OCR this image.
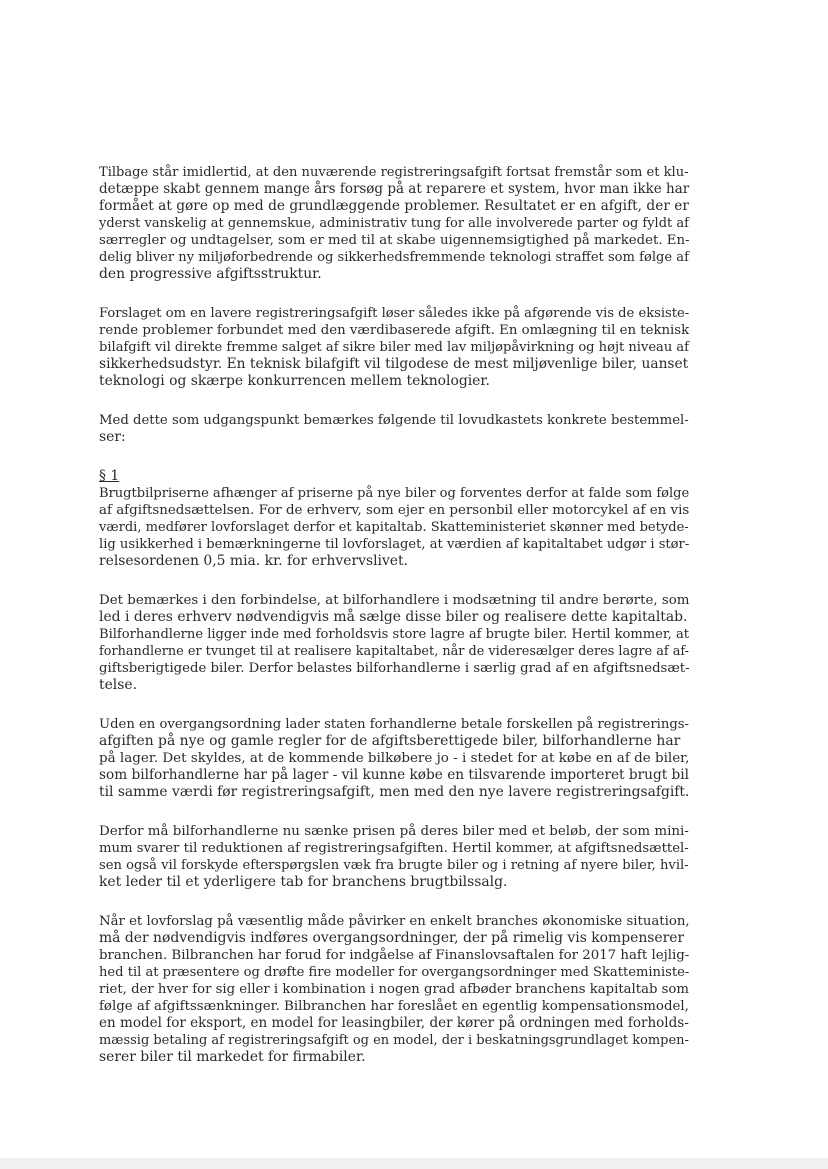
Tilbage står imidlertid, at den nuværende registreringsafgift fortsat fremstår som et klu-
detæppe skabt gennem mange års forsøg på at reparere et system, hvor man ikke har
formået at gøre op med de grundlæggende problemer. Resultatet er en afgift, der er
yderst vanskelig at gennemskue, administrativ tung for alle involverede parter og fyldt af
særregler og undtagelser, som er med til at skabe uigennemsigtighed på markedet. En-
delig bliver ny miljøforbedrende og sikkerhedsfremmende teknologi straffet som følge af
den progressive afgiftsstruktur.
Forslaget om en lavere registreringsafgift løser således ikke på afgørende vis de eksiste-
rende problemer forbundet med den værdibaserede afgift. En omlægning til en teknisk
bilafgift vil direkte fremme salget af sikre biler med lav miljøpåvirkning og højt niveau af
sikkerhedsudstyr. En teknisk bilafgift vil tilgodese de mest miljøvenlige biler, uanset
teknologi og skærpe konkurrencen mellem teknologier.
Med dette som udgangspunkt bemærkes følgende til lovudkastets konkrete bestemmel-
ser:
§ 1
Brugtbilpriserne afhænger af priserne på nye biler og forventes derfor at falde som følge
af afgiftsnedsættelsen. For de erhverv, som ejer en personbil eller motorcykel af en vis
værdi, medfører lovforslaget derfor et kapitaltab. Skatteministeriet skønner med betyde-
lig usikkerhed i bemærkningerne til lovforslaget, at værdien af kapitaltabet udgør i stør-
relsesordenen 0,5 mia. kr. for erhvervslivet.
Det bemærkes i den forbindelse, at bilforhandlere i modsætning til andre berørte, som
led i deres erhverv nødvendigvis må sælge disse biler og realisere dette kapitaltab.
Bilforhandlerne ligger inde med forholdsvis store lagre af brugte biler. Hertil kommer, at
forhandlerne er tvunget til at realisere kapitaltabet, når de videresælger deres lagre af af-
giftsberigtigede biler. Derfor belastes bilforhandlerne i særlig grad af en afgiftsnedsæt-
telse.
Uden en overgangsordning lader staten forhandlerne betale forskellen på registrerings-
afgiften på nye og gamle regler for de afgiftsberettigede biler, bilforhandlerne har
på lager. Det skyldes, at de kommende bilkøbere jo - i stedet for at købe en af de biler,
som bilforhandlerne har på lager - vil kunne købe en tilsvarende importeret brugt bil
til samme værdi før registreringsafgift, men med den nye lavere registreringsafgift.
Derfor må bilforhandlerne nu sænke prisen på deres biler med et beløb, der som mini-
mum svarer til reduktionen af registreringsafgiften. Hertil kommer, at afgiftsnedsættel-
sen også vil forskyde efterspørgslen væk fra brugte biler og i retning af nyere biler, hvil-
ket leder til et yderligere tab for branchens brugtbilssalg.
Når et lovforslag på væsentlig måde påvirker en enkelt branches økonomiske situation,
må der nødvendigvis indføres overgangsordninger, der på rimelig vis kompenserer
branchen. Bilbranchen har forud for indgåelse af Finanslovsaftalen for 2017 haft lejlig-
hed til at præsentere og drøfte fire modeller for overgangsordninger med Skatteministe-
riet, der hver for sig eller i kombination i nogen grad afbøder branchens kapitaltab som
følge af afgiftssænkninger. Bilbranchen har foreslået en egentlig kompensationsmodel,
en model for eksport, en model for leasingbiler, der kører på ordningen med forholds-
mæssig betaling af registreringsafgift og en model, der i beskatningsgrundlaget kompen-
serer biler til markedet for firmabiler.
